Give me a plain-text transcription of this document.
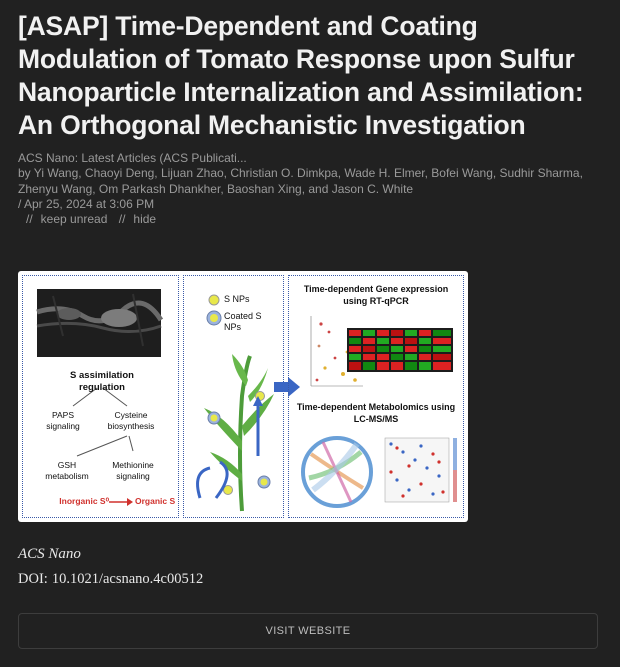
[ASAP] Time-Dependent and Coating Modulation of Tomato Response upon Sulfur Nanoparticle Internalization and Assimilation: An Orthogonal Mechanistic Investigation
ACS Nano: Latest Articles (ACS Publicati...
by Yi Wang, Chaoyi Deng, Lijuan Zhao, Christian O. Dimkpa, Wade H. Elmer, Bofei Wang, Sudhir Sharma, Zhenyu Wang, Om Parkash Dhankher, Baoshan Xing, and Jason C. White
/ Apr 25, 2024 at 3:06 PM
// keep unread // hide
S assimilation regulation
PAPS signaling
Cysteine biosynthesis
GSH metabolism
Methionine signaling
Inorganic S⁰	Organic S
S NPs
Coated S NPs
Time-dependent Gene expression using RT-qPCR
Time-dependent Metabolomics using LC-MS/MS
ACS Nano
DOI: 10.1021/acsnano.4c00512
VISIT WEBSITE
